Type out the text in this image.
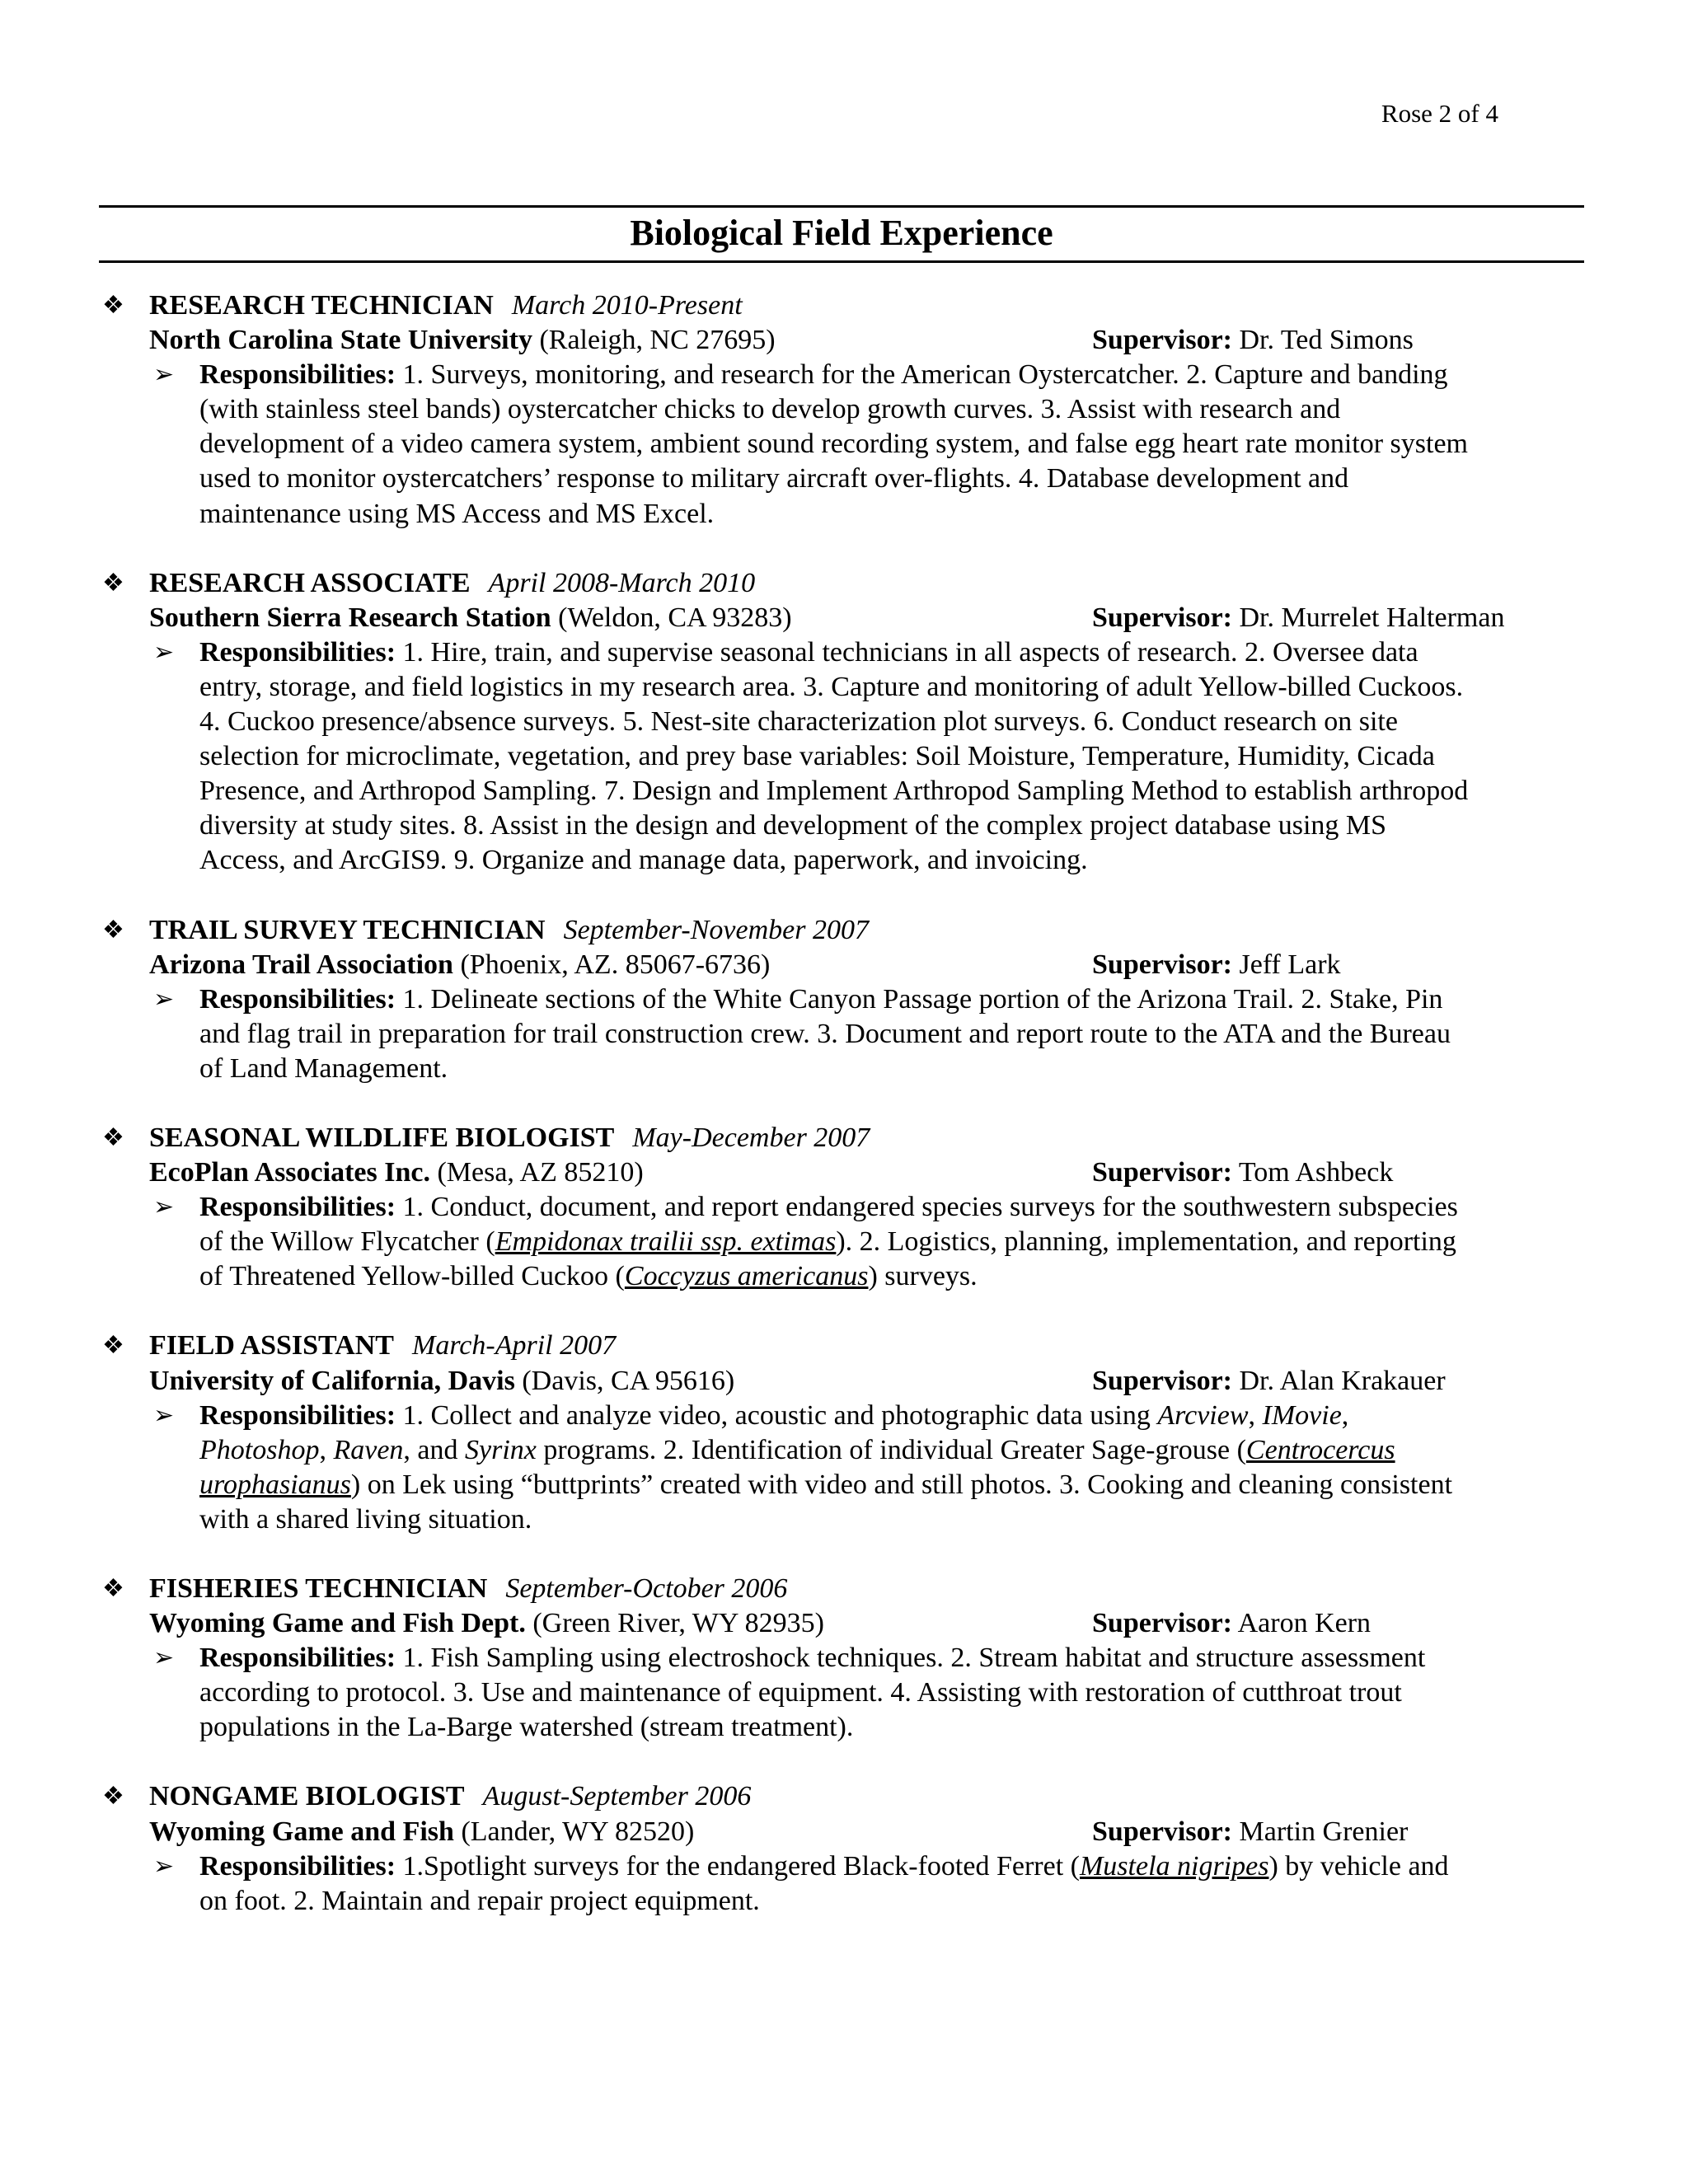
Rose 2 of 4
Biological Field Experience
❖ RESEARCH TECHNICIAN March 2010-Present
North Carolina State University (Raleigh, NC 27695)	Supervisor: Dr. Ted Simons
➢ Responsibilities: 1. Surveys, monitoring, and research for the American Oystercatcher. 2. Capture and banding
(with stainless steel bands) oystercatcher chicks to develop growth curves. 3. Assist with research and
development of a video camera system, ambient sound recording system, and false egg heart rate monitor system
used to monitor oystercatchers’ response to military aircraft over-flights. 4. Database development and
maintenance using MS Access and MS Excel.
❖ RESEARCH ASSOCIATE April 2008-March 2010
Southern Sierra Research Station (Weldon, CA 93283)	Supervisor: Dr. Murrelet Halterman
➢ Responsibilities: 1. Hire, train, and supervise seasonal technicians in all aspects of research. 2. Oversee data
entry, storage, and field logistics in my research area. 3. Capture and monitoring of adult Yellow-billed Cuckoos.
4. Cuckoo presence/absence surveys. 5. Nest-site characterization plot surveys. 6. Conduct research on site
selection for microclimate, vegetation, and prey base variables: Soil Moisture, Temperature, Humidity, Cicada
Presence, and Arthropod Sampling. 7. Design and Implement Arthropod Sampling Method to establish arthropod
diversity at study sites. 8. Assist in the design and development of the complex project database using MS
Access, and ArcGIS9. 9. Organize and manage data, paperwork, and invoicing.
❖ TRAIL SURVEY TECHNICIAN September-November 2007
Arizona Trail Association (Phoenix, AZ. 85067-6736)	Supervisor: Jeff Lark
➢ Responsibilities: 1. Delineate sections of the White Canyon Passage portion of the Arizona Trail. 2. Stake, Pin
and flag trail in preparation for trail construction crew. 3. Document and report route to the ATA and the Bureau
of Land Management.
❖ SEASONAL WILDLIFE BIOLOGIST May-December 2007
EcoPlan Associates Inc. (Mesa, AZ 85210)	Supervisor: Tom Ashbeck
➢ Responsibilities: 1. Conduct, document, and report endangered species surveys for the southwestern subspecies
of the Willow Flycatcher (Empidonax trailii ssp. extimas). 2. Logistics, planning, implementation, and reporting
of Threatened Yellow-billed Cuckoo (Coccyzus americanus) surveys.
❖ FIELD ASSISTANT March-April 2007
University of California, Davis (Davis, CA 95616)	Supervisor: Dr. Alan Krakauer
➢ Responsibilities: 1. Collect and analyze video, acoustic and photographic data using Arcview, IMovie,
Photoshop, Raven, and Syrinx programs. 2. Identification of individual Greater Sage-grouse (Centrocercus
urophasianus) on Lek using “buttprints” created with video and still photos. 3. Cooking and cleaning consistent
with a shared living situation.
❖ FISHERIES TECHNICIAN September-October 2006
Wyoming Game and Fish Dept. (Green River, WY 82935)	Supervisor: Aaron Kern
➢ Responsibilities: 1. Fish Sampling using electroshock techniques. 2. Stream habitat and structure assessment
according to protocol. 3. Use and maintenance of equipment. 4. Assisting with restoration of cutthroat trout
populations in the La-Barge watershed (stream treatment).
❖ NONGAME BIOLOGIST August-September 2006
Wyoming Game and Fish (Lander, WY 82520)	Supervisor: Martin Grenier
➢ Responsibilities: 1.Spotlight surveys for the endangered Black-footed Ferret (Mustela nigripes) by vehicle and
on foot. 2. Maintain and repair project equipment.
